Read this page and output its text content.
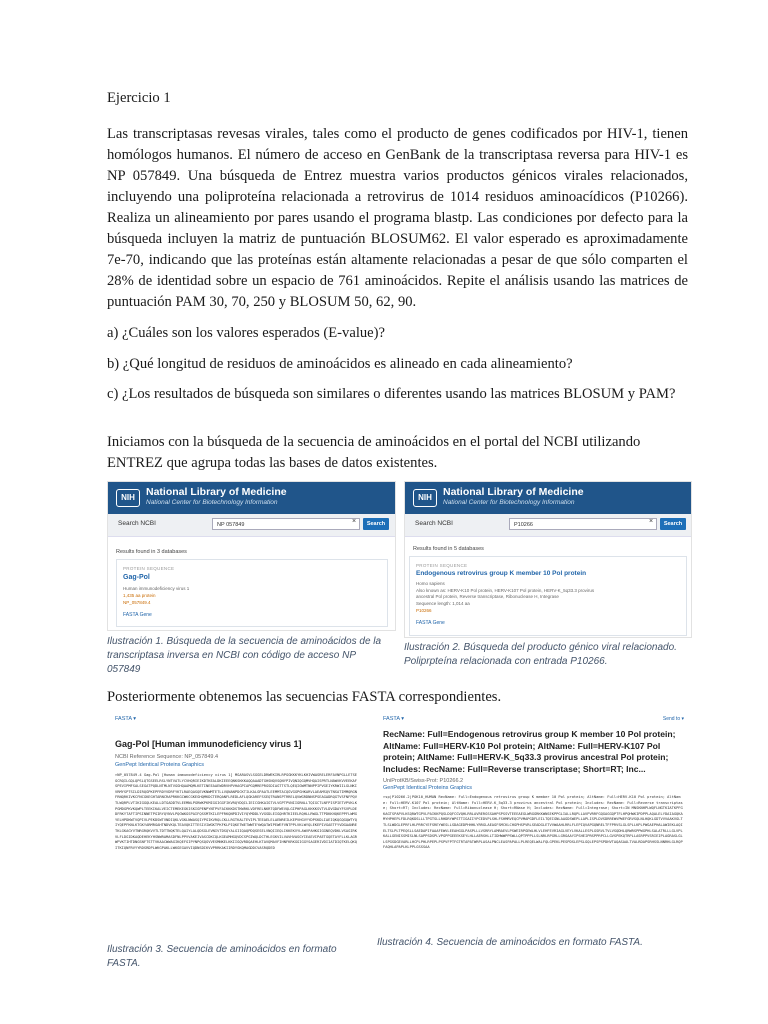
Ejercicio 1
Las transcriptasas revesas virales, tales como el producto de genes codificados por HIV-1, tienen homólogos humanos. El número de acceso en GenBank de la transcriptasa reversa para HIV-1 es NP 057849. Una búsqueda de Entrez muestra varios productos génicos virales relacionados, incluyendo una poliproteína relacionada a retrovirus de 1014 residuos aminoacídicos (P10266). Realiza un alineamiento por pares usando el programa blastp. Las condiciones por defecto para la búsqueda incluyen la matriz de puntuación BLOSUM62. El valor esperado es aproximadamente 7e-70, indicando que las proteínas están altamente relacionadas a pesar de que sólo comparten el 28% de identidad sobre un espacio de 761 aminoácidos. Repite el análisis usando las matrices de puntuación PAM 30, 70, 250 y BLOSUM 50, 62, 90.
a) ¿Cuáles son los valores esperados (E-value)?
b) ¿Qué longitud de residuos de aminoácidos es alineado en cada alineamiento?
c) ¿Los resultados de búsqueda son similares o diferentes usando las matrices BLOSUM y PAM?
Iniciamos con la búsqueda de la secuencia de aminoácidos en el portal del NCBI utilizando ENTREZ que agrupa todas las bases de datos existentes.
NIH	National Library of Medicine
National Center for Biotechnology Information
Search NCBI	NP 057849	×	Search
Results found in 3 databases
PROTEIN SEQUENCE
Gag-Pol
Human immunodeficiency virus 1
1,435 aa protein
NP_057849.4
FASTA Gene
NIH	National Library of Medicine
National Center for Biotechnology Information
Search NCBI	P10266	×	Search
Results found in 5 databases
PROTEIN SEQUENCE
Endogenous retrovirus group K member 10 Pol protein
Homo sapiens
Also known as: HERV-K10 Pol protein, HERV-K107 Pol protein, HERV-K_5q33.3 provirus
ancestral Pol protein, Reverse transcriptase, Ribonuclease H, Integrase
Sequence length: 1,014 aa
P10266
FASTA Gene
Ilustración 1. Búsqueda de la secuencia de aminoácidos de la transcriptasa inversa en NCBI con código de acceso NP 057849
Ilustración 2. Búsqueda del producto génico viral relacionado. Poliprpteína relacionada con entrada P10266.
Posteriormente obtenemos las secuencias FASTA correspondientes.
FASTA ▾
Gag-Pol [Human immunodeficiency virus 1]
NCBI Reference Sequence: NP_057849.4
GenPept Identical Proteins Graphics
>NP_057849.4 Gag-Pol [Human immunodeficiency virus 1] MGARASVLSGGELDRWEKIRLRPGGKKKYKLKHIVWASRELERFAVNPGLLETSEGCRQILGQLQPSLQTGSEELRSLYNTVATLYCVHQRIEIKDTKEALDKIEEEQNKSKKKAQQAAADTGHSNQVSQNYPIVQNIQGQMVHQAISPRTLNAWVKVVEEKAFSPEVIPMFSALSEGATPQDLNTMLNTVGGHQAAMQMLKETINEEAAEWDRVHPVHAGPIAPGQMREPRGSDIAGTTSTLQEQIGWMTNNPPIPVGEIYKRWIILGLNKIVRMYSPTSILDIRQGPKEPFRDYVDRFYKTLRAEQASQEVKNWMTETLLVQNANPDCKTILKALGPAATLEEMMTACQGVGGPGHKARVLAEAMSQVTNSATIMMQRGNFRNQRKIVKCFNCGKEGHTARNCRAPRKKGCWKCGKEGHQMKDCTERQANFLREDLAFLQGKAREFSSEQTRANSPTRRELQVWGRDNNSPSEAGADRQGTVSFNFPQVTLWQRPLVTIKIGGQLKEALLDTGADDTVLEEMNLPGRWKPKMIGGIGGFIKVRQYDQILIEICGHKAIGTVLVGPTPVNIIGRNLLTQIGCTLNFPISPIETVPVKLKPGMDGPKVKQWPLTEEKIKALVEICTEMEKEGKISKIGPENPYNTPVFAIKKKDSTKWRKLVDFRELNKRTQDFWEVQLGIPHPAGLKKKKSVTVLDVGDAYFSVPLDEDFRKYTAFTIPSINNETPGIRYQYNVLPQGWKGSPAIFQSSMTKILEPFRKQNPDIVIYQYMDDLYVGSDLEIGQHRTKIEELRQHLLRWGLTTPDKKHQKEPPFLWMGYELHPDKWTVQPIVLPEKDSWTVNDIQKLVGKLNWASQIYPGIKVRQLCKLLRGTKALTEVIPLTEEAELELAENREILKEPVHGVYYDPSKDLIAEIQKQGQGQWTYQIYQEPFKNLKTGKYARMRGAHTNDVKQLTEAVQKITTESIVIWGKTPKFKLPIQKETWETWWTEYWQATWIPEWEFVNTPPLVKLWYQLEKEPIVGAETFYVDGAANRETKLGKAGYVTNRGRQKVVTLTDTTNQKTELQAIYLALQDSGLEVNIVTDSQYALGIIQAQPDQSESELVNQIIEQLIKKEKVYLAWVPAHKGIGGNEQVDKLVSAGIRKVLFLDGIDKAQDEHEKYHSNWRAMASDFNLPPVVAKEIVASCDKCQLKGEAMHGQVDCSPGIWQLDCTHLEGKVILVAVHVASGYIEAEVIPAETGQETAYFLLKLAGRWPVKTIHTDNGSNFTSTTVKAACWWAGIKQEFGIPYNPQSQGVVESMNKELKKIIGQVRDQAEHLKTAVQMAVFIHNFKRKGGIGGYSAGERIVDIIATDIQTKELQKQITKIQNFRVYYRDSRDPLWKGPAKLLWKGEGAVVIQDNSDIKVVPRRKAKIIRDYGKQMAGDDCVASRQDED
FASTA ▾	Send to ▾
RecName: Full=Endogenous retrovirus group K member 10 Pol protein; AltName: Full=HERV-K10 Pol protein; AltName: Full=HERV-K107 Pol protein; AltName: Full=HERV-K_5q33.3 provirus ancestral Pol protein; Includes: RecName: Full=Reverse transcriptase; Short=RT; Inc...
UniProtKB/Swiss-Prot: P10266.2
GenPept Identical Proteins Graphics
>sp|P10266.2|POK10_HUMAN RecName: Full=Endogenous retrovirus group K member 10 Pol protein; AltName: Full=HERV-K10 Pol protein; AltName: Full=HERV-K107 Pol protein; AltName: Full=HERV-K_5q33.3 provirus ancestral Pol protein; Includes: RecName: Full=Reverse transcriptase; Short=RT; Includes: RecName: Full=Ribonuclease H; Short=RNase H; Includes: RecName: Full=Integrase; Short=IN MNSKNHPLWQFLNGTKIATKPFGKAGTSPAPVLKSQRWTGPVLPAIKKPQSLDQFCGVQHLRRLAVRERGSSAHPSPSSVTEEEAEGLWRGGRKKWNSEKPPGLIALLRQPLLAVPVRRFGQGAGGQPTFLHPQHWKIPDPPLAQALELYDAIAGQKAMYHPHEPLFDLRQKDSLLLTPGTSLLRHDRYWPSTTIGAIIYPCEDVPLSHLFSHMRVEQCPVMAPGDFLEILTQEIGNLAAGDSWEPLLAPLISPLDVSDRREWVPWEFGRVSQLNLHQKLGDTVVVAAKVGLTTLSLWDGLEPRFLHLPRRCYEFSREYWESLLSDAGEDPHHHLYRRGLAEAGFSMCKLCHGPHSPVRLSEADGLETVVWAAHLRRLFLEPIQVAPGQNRELTFFPRVSLGLSPLLKPLPWGAEPHALAWIEKLAQIELTSLPLTPEQSLLSAEDAPIFAAAFEWVLEEAHGGLPASPLLLVSRRYLAMRAEVLPSWEIRPGEWLHLVLEHFEVRIAGLVEYLVKALLESPLGSRVLTVLVSQDHLQRWRSPPWGPHLSALATRLLLGLVPLKALLGENISSMISLNLSAPPSDSPLVPGPPGEEEKSEYLHLLAERSHLLTIDHWWPPSWLLQPTPPPLLSLNRLRPGRLLGRGAAYIPSHEIPRSPPRPCLLGVSPEKQTRPLLASRPPVSRIEIPLAGRASLGLLSPGSDGEVARLLHCPLPHLRPEPLPSPVFPTFGTRTAPATWRPLASALPNCLEASPAPALLPLREQELWALFQLGPEKLPESPDSLEPSLGQLEPSPSPDHVTAQASAALTVALRDAPSRHSSLNNRHLGLRQPFAQHLAPAPLKLPPLGSSSAA
Ilustración 3. Secuencia de aminoácidos en formato FASTA.
Ilustración 4. Secuencia de aminoácidos en formato FASTA.
